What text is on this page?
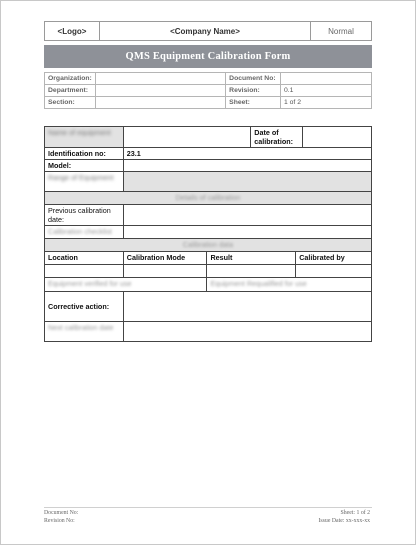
<Logo>	<Company Name>	Normal
QMS Equipment Calibration Form
Organization:		Document No:	
Department:		Revision:	0.1
Section:		Sheet:	1 of 2
Name of equipment			Date of calibration:		
Identification no:	23.1				
Model:					
Range of Equipment					
Details of calibration					
Previous calibration date:					
Calibration checklist					
Calibration data					
Location	Calibration Mode	Result		Calibrated by	

Equipment verified for use		Equipment Requalified for use			
Corrective action:					
Next calibration date					
Document No:
Revision No:
Sheet: 1 of 2
Issue Date: xx-xxx-xx
